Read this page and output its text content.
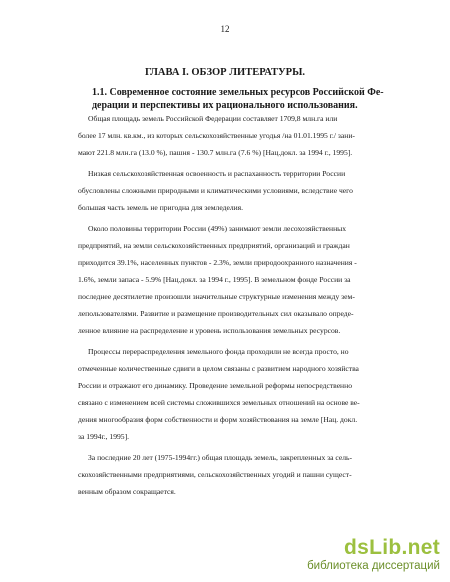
12
ГЛАВА I. ОБЗОР ЛИТЕРАТУРЫ.
1.1. Современное состояние земельных ресурсов Российской Фе-
дерации и перспективы их рационального использования.
Общая площадь земель Российской Федерации составляет 1709,8 млн.га или
более 17 млн. кв.км., из которых сельскохозяйственные угодья /на 01.01.1995 г./ зани-
мают 221.8 млн.га (13.0 %), пашня - 130.7 млн.га (7.6 %) [Нац.докл. за 1994 г., 1995].
Низкая сельскохозяйственная освоенность и распаханность территории России
обусловлены сложными природными и климатическими условиями, вследствие чего
большая часть земель не пригодна для земледелия.
Около половины территории России (49%) занимают земли лесохозяйственных
предприятий, на земли сельскохозяйственных предприятий, организаций и граждан
приходится 39.1%, населенных пунктов - 2.3%, земли природоохранного назначения -
1.6%, земли запаса - 5.9% [Нац.докл. за 1994 г., 1995]. В земельном фонде России за
последнее десятилетие произошли значительные структурные изменения между зем-
лепользователями. Развитие и размещение производительных сил оказывало опреде-
ленное влияние на распределение и уровень использования земельных ресурсов.
Процессы перераспределения земельного фонда проходили не всегда просто, но
отмеченные количественные сдвиги в целом связаны с развитием народного хозяйства
России и отражают его динамику. Проведение земельной реформы непосредственно
связано с изменением всей системы сложившихся земельных отношений на основе ве-
дения многообразия форм собственности и форм хозяйствования на земле [Нац. докл.
за 1994г., 1995].
За последние 20 лет (1975-1994гг.) общая площадь земель, закрепленных за сель-
скохозяйственными предприятиями, сельскохозяйственных угодий и пашни сущест-
венным образом сокращается.
dsLib.net
библиотека диссертаций
